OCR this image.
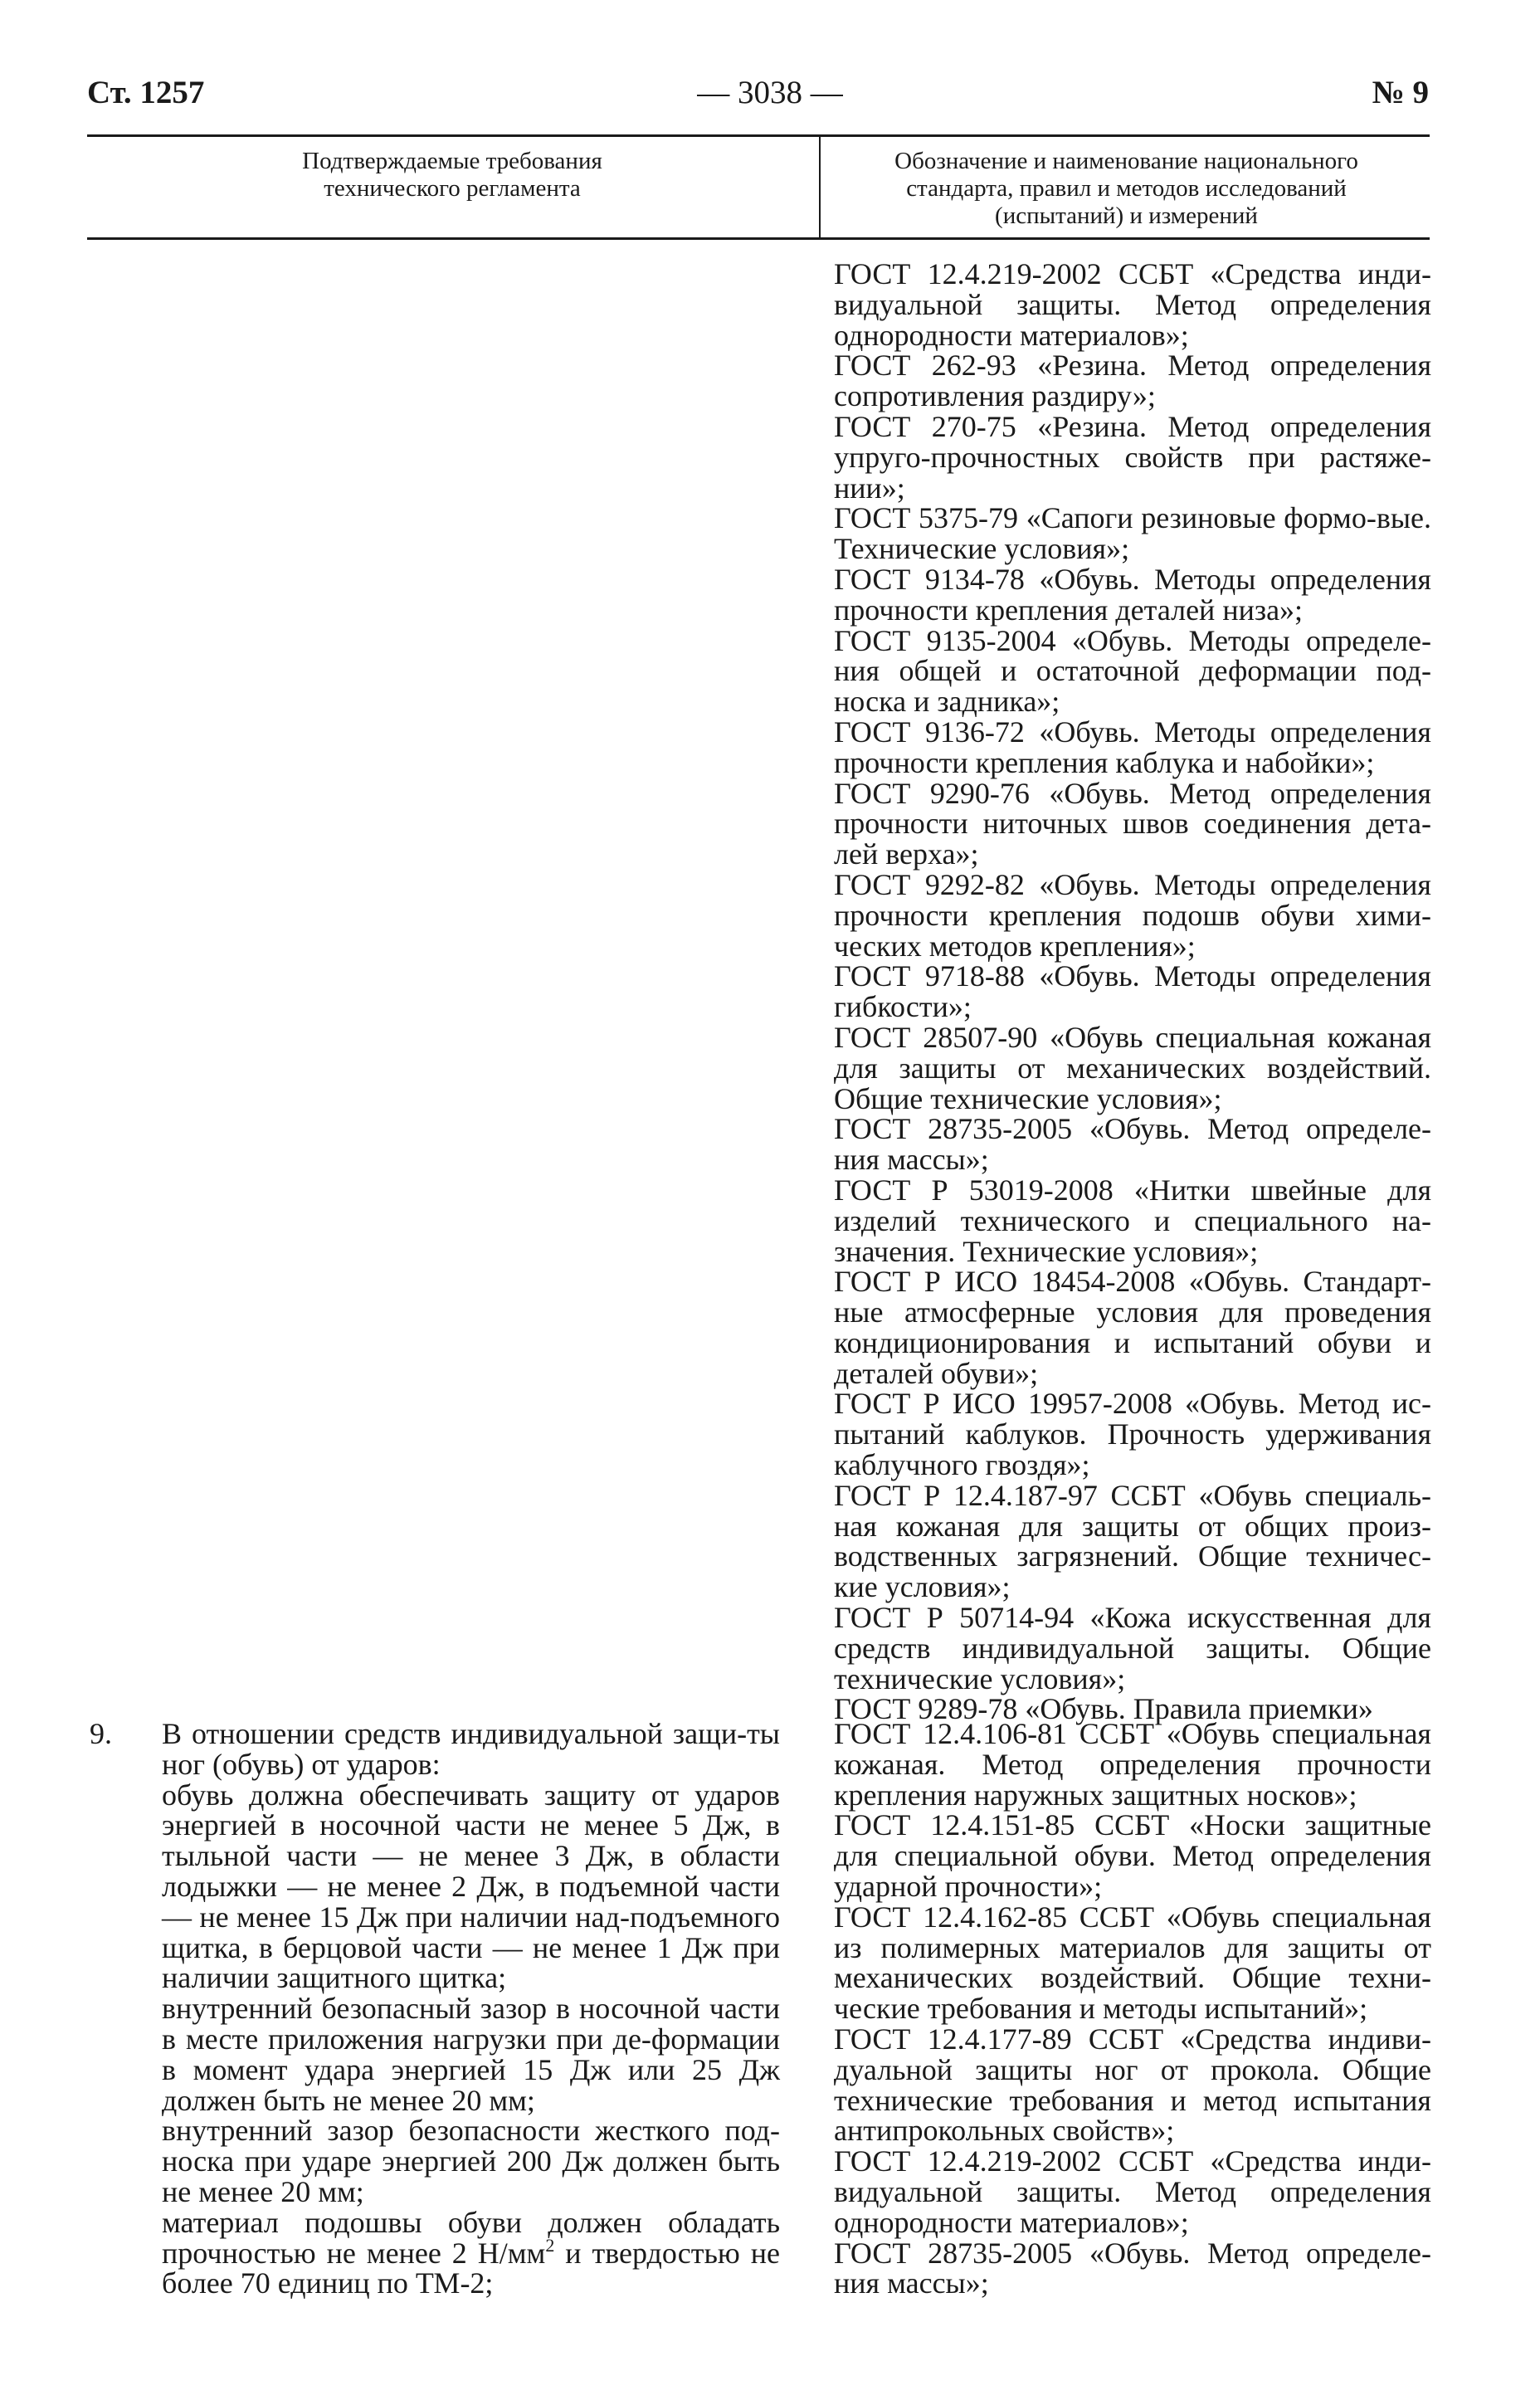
Ст. 1257	— 3038 —	№ 9
Подтверждаемые требования
технического регламента
Обозначение и наименование национального
стандарта, правил и методов исследований
(испытаний) и измерений

ГОСТ 12.4.219-2002 ССБТ «Средства инди-видуальной защиты. Метод определения однородности материалов»;

ГОСТ 262-93 «Резина. Метод определения сопротивления раздиру»;

ГОСТ 270-75 «Резина. Метод определения упруго-прочностных свойств при растяже-нии»;

ГОСТ 5375-79 «Сапоги резиновые формо-вые. Технические условия»;

ГОСТ 9134-78 «Обувь. Методы определения прочности крепления деталей низа»;

ГОСТ 9135-2004 «Обувь. Методы определе-ния общей и остаточной деформации под-носка и задника»;

ГОСТ 9136-72 «Обувь. Методы определения прочности крепления каблука и набойки»;

ГОСТ 9290-76 «Обувь. Метод определения прочности ниточных швов соединения дета-лей верха»;

ГОСТ 9292-82 «Обувь. Методы определения прочности крепления подошв обуви хими-ческих методов крепления»;

ГОСТ 9718-88 «Обувь. Методы определения гибкости»;

ГОСТ 28507-90 «Обувь специальная кожаная для защиты от механических воздействий. Общие технические условия»;

ГОСТ 28735-2005 «Обувь. Метод определе-ния массы»;

ГОСТ Р 53019-2008 «Нитки швейные для изделий технического и специального на-значения. Технические условия»;

ГОСТ Р ИСО 18454-2008 «Обувь. Стандарт-ные атмосферные условия для проведения кондиционирования и испытаний обуви и деталей обуви»;

ГОСТ Р ИСО 19957-2008 «Обувь. Метод ис-пытаний каблуков. Прочность удерживания каблучного гвоздя»;

ГОСТ Р 12.4.187-97 ССБТ «Обувь специаль-ная кожаная для защиты от общих произ-водственных загрязнений. Общие техничес-кие условия»;

ГОСТ Р 50714-94 «Кожа искусственная для средств индивидуальной защиты. Общие технические условия»;

ГОСТ 9289-78 «Обувь. Правила приемки»

9. В отношении средств индивидуальной защи-ты ног (обувь) от ударов:

обувь должна обеспечивать защиту от ударов энергией в носочной части не менее 5 Дж, в тыльной части — не менее 3 Дж, в области лодыжки — не менее 2 Дж, в подъемной части — не менее 15 Дж при наличии над-подъемного щитка, в берцовой части — не менее 1 Дж при наличии защитного щитка;

внутренний безопасный зазор в носочной части в месте приложения нагрузки при де-формации в момент удара энергией 15 Дж или 25 Дж должен быть не менее 20 мм;

внутренний зазор безопасности жесткого под-носка при ударе энергией 200 Дж должен быть не менее 20 мм;

материал подошвы обуви должен обладать прочностью не менее 2 $Н/мм^2$ и твердостью не более 70 единиц по ТМ-2;

ГОСТ 12.4.106-81 ССБТ «Обувь специальная кожаная. Метод определения прочности крепления наружных защитных носков»;

ГОСТ 12.4.151-85 ССБТ «Носки защитные для специальной обуви. Метод определения ударной прочности»;

ГОСТ 12.4.162-85 ССБТ «Обувь специальная из полимерных материалов для защиты от механических воздействий. Общие техни-ческие требования и методы испытаний»;

ГОСТ 12.4.177-89 ССБТ «Средства индиви-дуальной защиты ног от прокола. Общие технические требования и метод испытания антипрокольных свойств»;

ГОСТ 12.4.219-2002 ССБТ «Средства инди-видуальной защиты. Метод определения однородности материалов»;

ГОСТ 28735-2005 «Обувь. Метод определе-ния массы»;
